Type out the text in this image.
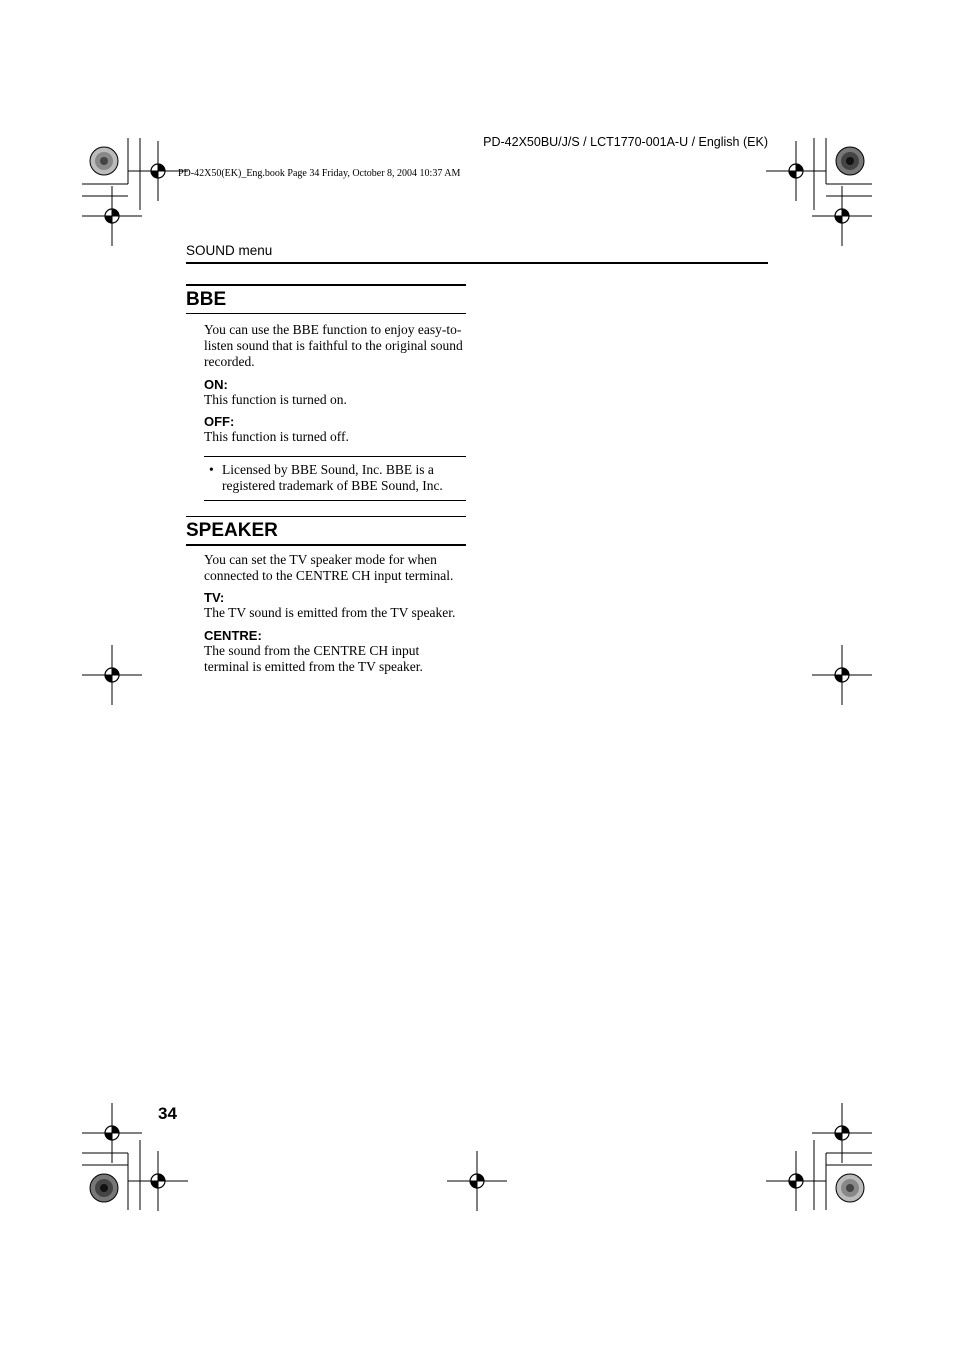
PD-42X50BU/J/S / LCT1770-001A-U / English (EK)
PD-42X50(EK)_Eng.book Page 34 Friday, October 8, 2004 10:37 AM
SOUND menu
BBE
You can use the BBE function to enjoy easy-to-listen sound that is faithful to the original sound recorded.
ON:
This function is turned on.
OFF:
This function is turned off.
• Licensed by BBE Sound, Inc. BBE is a registered trademark of BBE Sound, Inc.
SPEAKER
You can set the TV speaker mode for when connected to the CENTRE CH input terminal.
TV:
The TV sound is emitted from the TV speaker.
CENTRE:
The sound from the CENTRE CH input terminal is emitted from the TV speaker.
34
